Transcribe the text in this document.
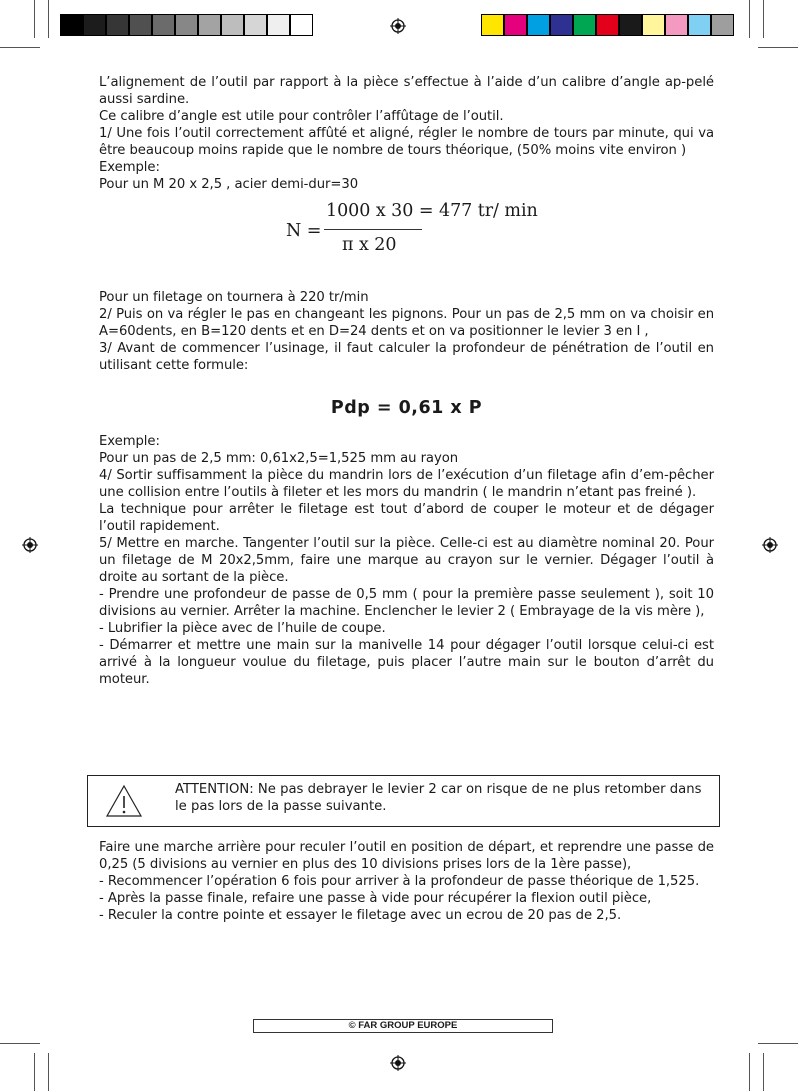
L’alignement de l’outil par rapport à la pièce s’effectue à l’aide d’un calibre d’angle ap-pelé aussi sardine.

Ce calibre d’angle est utile pour contrôler l’affûtage de l’outil.

1/ Une fois l’outil correctement affûté et aligné, régler le nombre de tours par minute, qui va être beaucoup moins rapide que le nombre de tours théorique, (50% moins vite environ )

Exemple:

Pour un M 20 x 2,5 , acier demi-dur=30

N =
1000 x 30 = 477 tr/ min
π x 20

Pour un filetage on tournera à 220 tr/min

2/ Puis on va régler le pas en changeant les pignons. Pour un pas de 2,5 mm on va choisir en A=60dents, en B=120 dents et en D=24 dents et on va positionner le levier 3 en I ,

3/ Avant de commencer l’usinage, il faut calculer la profondeur de pénétration de l’outil en utilisant cette formule:

Pdp = 0,61 x P

Exemple:

Pour un pas de 2,5 mm: 0,61x2,5=1,525 mm au rayon

4/ Sortir suffisamment la pièce du mandrin lors de l’exécution d’un filetage afin d’em-pêcher une collision entre l’outils à fileter et les mors du mandrin ( le mandrin n’etant pas freiné ).

La technique pour arrêter le filetage est tout d’abord de couper le moteur et de dégager l’outil rapidement.

5/ Mettre en marche. Tangenter l’outil sur la pièce. Celle-ci est au diamètre nominal 20. Pour un filetage de M 20x2,5mm, faire une marque au crayon sur le vernier. Dégager l’outil à droite au sortant de la pièce.

- Prendre une profondeur de passe de 0,5 mm ( pour la première passe seulement ), soit 10 divisions au vernier. Arrêter la machine. Enclencher le levier 2 ( Embrayage de la vis mère ),

- Lubrifier la pièce avec de l’huile de coupe.

- Démarrer et mettre une main sur la manivelle 14 pour dégager l’outil lorsque celui-ci est arrivé à la longueur voulue du filetage, puis placer l’autre main sur le bouton d’arrêt du moteur.

ATTENTION: Ne pas debrayer le levier 2 car on risque de ne plus retomber dans le pas lors de la passe suivante.

Faire une marche arrière pour reculer l’outil en position de départ, et reprendre une passe de 0,25 (5 divisions au vernier en plus des 10 divisions prises lors de la 1ère passe),

- Recommencer l’opération 6 fois pour arriver à la profondeur de passe théorique de 1,525.

- Après la passe finale, refaire une passe à vide pour récupérer la flexion outil pièce,

- Reculer la contre pointe et essayer le filetage avec un ecrou de 20 pas de 2,5.

© FAR GROUP EUROPE
